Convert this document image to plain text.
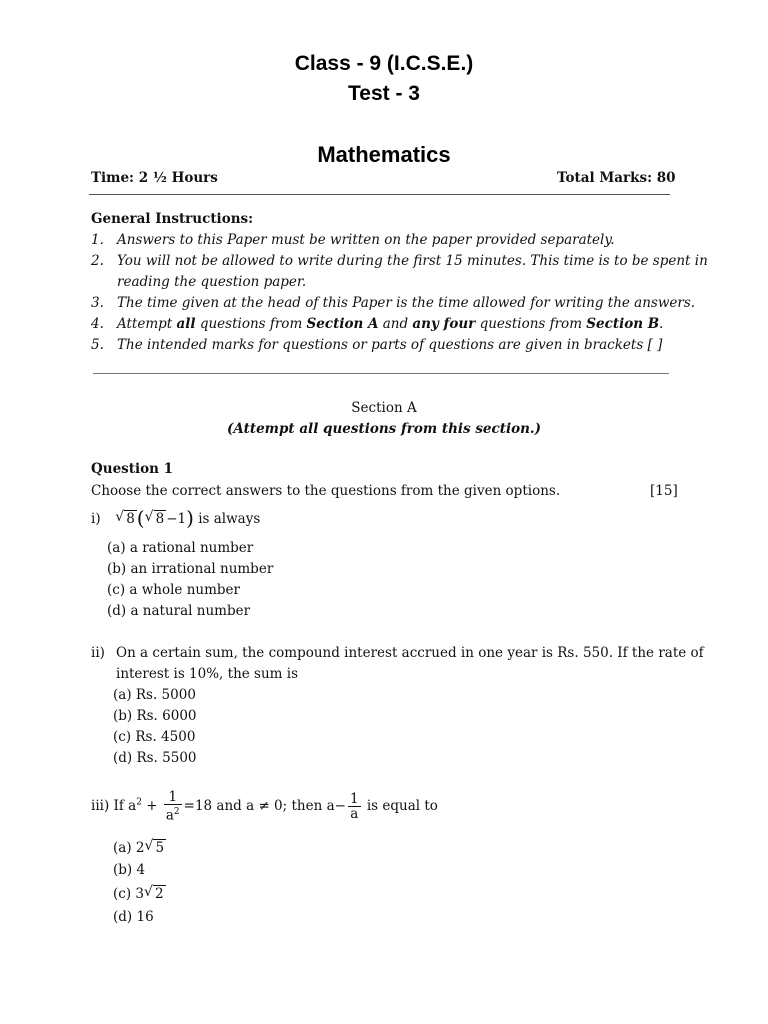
Class - 9 (I.C.S.E.)
Test - 3
Mathematics
Time: 2 ½ Hours	Total Marks: 80
General Instructions:
1. Answers to this Paper must be written on the paper provided separately.
2. You will not be allowed to write during the first 15 minutes. This time is to be spent in
reading the question paper.
3. The time given at the head of this Paper is the time allowed for writing the answers.
4. Attempt all questions from Section A and any four questions from Section B.
5. The intended marks for questions or parts of questions are given in brackets [ ]
Section A
(Attempt all questions from this section.)
Question 1
Choose the correct answers to the questions from the given options.	[15]
i) √ 8 ( √ 8 −1) is always
(a) a rational number
(b) an irrational number
(c) a whole number
(d) a natural number
ii) On a certain sum, the compound interest accrued in one year is Rs. 550. If the rate of
interest is 10%, the sum is
(a) Rs. 5000
(b) Rs. 6000
(c) Rs. 4500
(d) Rs. 5500
iii) If $a^2 + \frac{1}{a^2} =18$ and a ≠ 0; then $a- \frac{1}{a}$ is equal to
(a) 2 √ 5
(b) 4
(c) 3 √ 2
(d) 16
